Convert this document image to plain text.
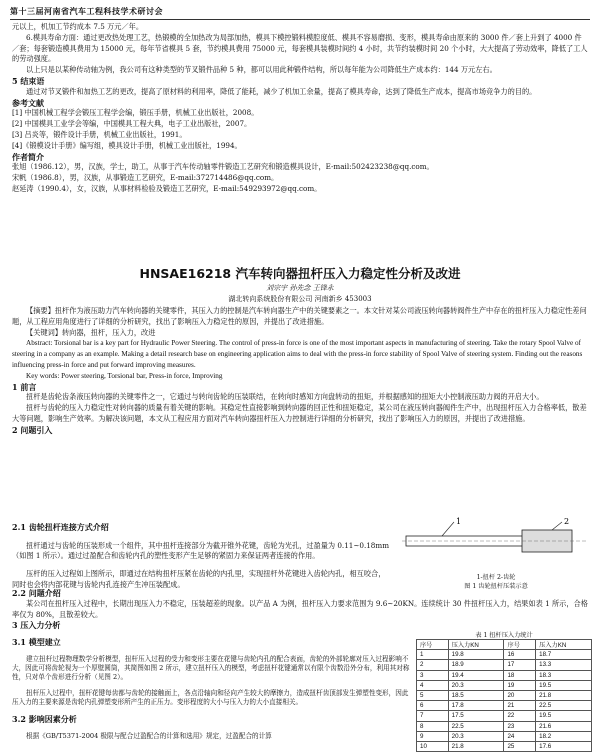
第十三届河南省汽车工程科技学术研讨会

元以上，机加工节约成本 7.5 万元／年。

6.模具寿命方面：通过更改热处理工艺，热锻模的全加热改为局部加热，模具下模控锻料模腔度低、模具不容易磨损、变形，模具寿命由原来的 3000 件／套上升到了 4000 件／套；每套锻造模具费用为 15000 元，每年节省模具 5 套，节约模具费用 75000 元，每套模具装模时间约 4 小时，共节约装模时间 20 个小时，大大提高了劳动效率，降低了工人的劳动强度。

以上只是以某种传动轴为例，我公司有这种类型的节叉锻件品种 5 种，都可以用此种锻件结构，所以每年能为公司降低生产成本约：144 万元左右。

5 结束语

通过对节叉锻件和加热工艺的更改，提高了原材料的利用率，降低了能耗，减少了机加工余量，提高了模具寿命，达到了降低生产成本，提高市场竞争力的目的。

参考文献

[1] 中国机械工程学会锻压工程学会编，锻压手册，机械工业出版社，2008。

[2] 中国模具工业学会等编，中国模具工程大典，电子工业出版社，2007。

[3] 吕炎等，锻件设计手册，机械工业出版社，1991。

[4]《锻模设计手册》编写组，模具设计手册，机械工业出版社，1994。

作者简介

张旭（1986.12），男，汉族，学士，助工，从事于汽车传动轴零件锻造工艺研究和锻造模具设计，E-mail:502423238@qq.com。

宋帆（1986.8），男，汉族，从事锻造工艺研究，E-mail:372714486@qq.com。

赵延涛（1990.4），女，汉族，从事材料检验及锻造工艺研究，E-mail:549293972@qq.com。

HNSAE16218 汽车转向器扭杆压入力稳定性分析及改进
刘宗宇 孙先念 王锋永
湖北转向系统股份有限公司 河南新乡 453003

【摘要】扭杆作为液压助力汽车转向器的关键零件，其压入力的控制是汽车转向器生产中的关键要素之一。本文针对某公司液压转向器转阀件生产中存在的扭杆压入力稳定性差问题，从工程应用角度进行了详细的分析研究，找出了影响压入力稳定性的原因，并提出了改进措施。

【关键词】转向器，扭杆，压入力，改进

Abstract: Torsional bar is a key part for Hydraulic Power Steering. The control of press-in force is one of the most important aspects in manufacturing of steering. Take the rotary Spool Valve of steering in a company as an example. Making a detail research base on engineering application aims to deal with the press-in force stability of Spool Valve of steering system. Finding out the reasons influencing press-in force and put forward improving measures.

Key words: Power steering, Torsional bar, Press-in force, Improving

1 前言

扭杆是齿轮齿条液压转向器的关键零件之一，它通过与转向齿轮的压装联结，在转向时感知方向盘转动的扭矩，并根据感知的扭矩大小控制液压助力阀的开启大小。

扭杆与齿轮的压入力稳定性对转向器的质量有着关键的影响。其稳定性直接影响到转向器的回正性和扭矩稳定，某公司在液压转向器阀件生产中，出现扭杆压入力合格率低，散差大等问题，影响生产效率。为解决该问题，本文从工程应用方面对汽车转向器扭杆压入力控制进行详细的分析研究，找出了影响压入力的原因，并提出了改进措施。

2 问题引入

2.1 齿轮扭杆连接方式介绍

扭杆通过与齿轮的压装形成一个组件，其中扭杆连接部分为截开锥外花键，齿轮为光孔，过盈量为 0.11~0.18mm（如图 1 所示）。通过过盈配合和齿轮内孔的塑性变形产生足够的紧固力来保证两者连接的作用。

压杆的压入过程如上图所示，即通过在结构扭杆压紧在齿轮的内孔里，实现扭杆外花键进入齿轮内孔，相互咬合，同时也会将内部花键与齿轮内孔连接产生冲压装配成。

1	2
1-扭杆 2-齿轮
图 1 齿轮扭杆压装示意

2.2 问题介绍

某公司在扭杆压入过程中，长期出现压入力不稳定，压装超差的现象。以产品 A 为例，扭杆压入力要求范围为 9.6~20KN。连续统计 30 件扭杆压入力，结果如表 1 所示，合格率仅为 80%，且散差较大。

3 压入力分析

3.1 模型建立

建立扭杆过程物理数学分析模型，扭杆压入过程的受力和变形主要在花键与齿轮内孔的配合表面，齿轮的外部轮廓对压入过程影响不大，因此可将齿轮视为一个厚壁圆筒，其简图如图 2 所示，建立扭杆压入的模型，考虑扭杆花键通常以有限个齿数沿外分布，利用其对称性，只对单个齿形进行分析（见图 2）。

扭杆压入过程中，扭杆花键每齿都与齿轮的接触面上，各点沿轴向和径向产生较大的摩擦力，造成扭杆齿顶部发生弹塑性变形，因此压入力的主要来源是齿轮内孔弹塑变形所产生的正压力。变形程度的大小与压入力的大小直接相关。

3.2 影响因素分析

根据《GB/T5371-2004 极限与配合过盈配合的计算和选用》规定，过盈配合的计算

表 1 扭杆压入力统计
序号	压入力KN	序号	压入力KN
1	19.8	16	18.7
2	18.9	17	13.3
3	19.4	18	18.3
4	20.3	19	19.5
5	18.5	20	21.8
6	17.8	21	22.5
7	17.5	22	19.5
8	22.5	23	21.6
9	20.3	24	18.2
10	21.8	25	17.6
